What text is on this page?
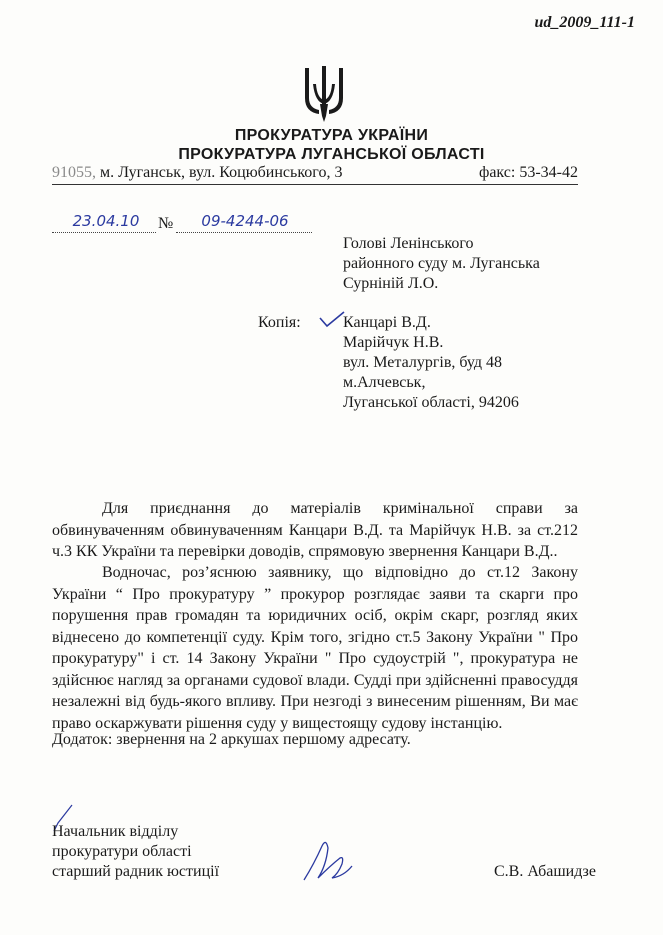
ud_2009_111-1
ПРОКУРАТУРА УКРАЇНИ
ПРОКУРАТУРА ЛУГАНСЬКОЇ ОБЛАСТІ
91055, м. Луганськ, вул. Коцюбинського, 3	факс: 53-34-42
23.04.10	№	09-4244-06
Голові Ленінського
районного суду м. Луганська
Сурніній Л.О.
Копія:	Канцарі В.Д.
Марійчук Н.В.
вул. Металургів, буд 48
м.Алчевськ,
Луганської області, 94206
Для приєднання до матеріалів кримінальної справи за обвинуваченням обвинуваченням Канцари В.Д. та Марійчук Н.В. за ст.212 ч.3 КК України та перевірки доводів, спрямовую звернення Канцари В.Д..
Водночас, роз’яснюю заявнику, що відповідно до ст.12 Закону України “ Про прокуратуру ” прокурор розглядає заяви та скарги про порушення прав громадян та юридичних осіб, окрім скарг, розгляд яких віднесено до компетенції суду. Крім того, згідно ст.5 Закону України " Про прокуратуру" і ст. 14 Закону України " Про судоустрій ", прокуратура не здійснює нагляд за органами судової влади. Судді при здійсненні правосуддя незалежні від будь-якого впливу. При незгоді з винесеним рішенням, Ви має право оскаржувати рішення суду у вищестоящу судову інстанцію.
Додаток: звернення на 2 аркушах першому адресату.
Начальник відділу
прокуратури області
старший радник юстиції	С.В. Абашидзе
